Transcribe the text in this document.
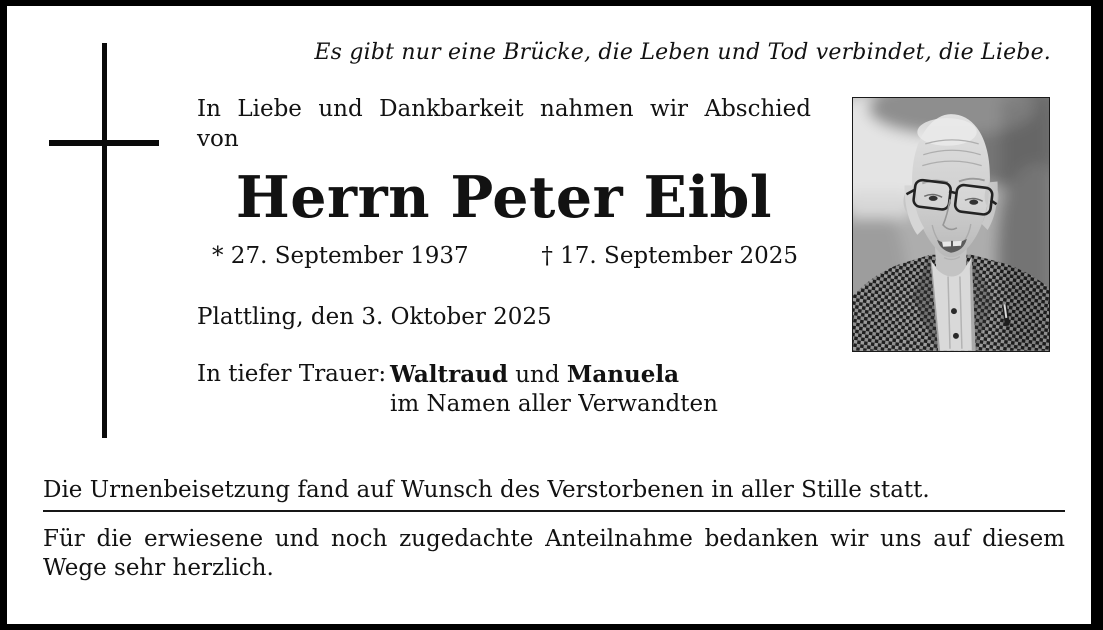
Es gibt nur eine Brücke, die Leben und Tod verbindet, die Liebe.

In Liebe und Dankbarkeit nahmen wir Abschied

von

Herrn Peter Eibl
* 27. September 1937	† 17. September 2025

Plattling, den 3. Oktober 2025

In tiefer Trauer: Waltraud und Manuela
im Namen aller Verwandten

Die Urnenbeisetzung fand auf Wunsch des Verstorbenen in aller Stille statt.

Für die erwiesene und noch zugedachte Anteilnahme bedanken wir uns auf diesem

Wege sehr herzlich.
